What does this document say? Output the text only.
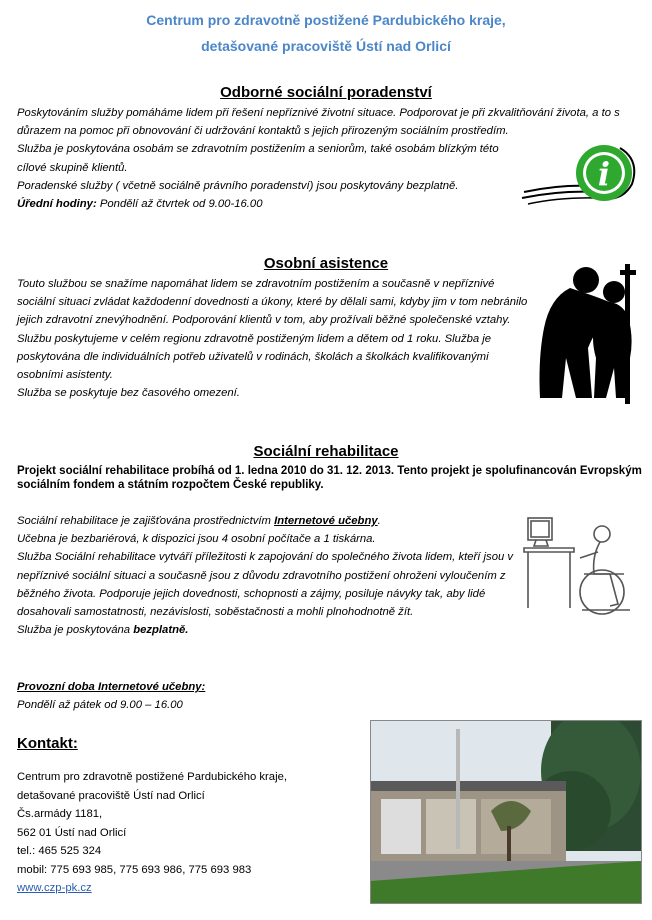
Centrum pro zdravotně postižené Pardubického kraje,
detašované pracoviště Ústí nad Orlicí
Odborné sociální poradenství

Poskytováním služby pomáháme lidem při řešení nepříznivé životní situace. Podporovat je při zkvalitňování života, a to s důrazem na pomoc při obnovování či udržování kontaktů s jejich přirozeným sociálním prostředím.

Služba je poskytována osobám se zdravotním postižením a seniorům, také osobám blízkým této cílové skupině klientů.

Poradenské služby ( včetně sociálně právního poradenství) jsou poskytovány bezplatně.

Úřední hodiny: Pondělí až čtvrtek od 9.00-16.00

i
Osobní asistence

Touto službou se snažíme napomáhat lidem se zdravotním postižením a současně v nepříznivé sociální situaci zvládat každodenní dovednosti a úkony, které by dělali sami, kdyby jim v tom nebránilo jejich zdravotní znevýhodnění. Podporování klientů v tom, aby prožívali běžné společenské vztahy.

Službu poskytujeme v celém regionu zdravotně postiženým lidem a dětem od 1 roku. Služba je poskytována dle individuálních potřeb uživatelů v rodinách, školách a školkách kvalifikovanými osobními asistenty.

Služba se poskytuje bez časového omezení.

Sociální rehabilitace
Projekt sociální rehabilitace probíhá od 1. ledna 2010 do 31. 12. 2013. Tento projekt je spolufinancován Evropským sociálním fondem a státním rozpočtem České republiky.

Sociální rehabilitace je zajišťována prostřednictvím Internetové učebny.

Učebna je bezbariérová, k dispozici jsou 4 osobní počítače a 1 tiskárna.

Služba Sociální rehabilitace vytváří příležitosti k zapojování do společného života lidem, kteří jsou v nepříznivé sociální situaci a současně jsou z důvodu zdravotního postižení ohroženi vyloučením z běžného života. Podporuje jejich dovednosti, schopnosti a zájmy, posiluje návyky tak, aby lidé dosahovali samostatnosti, nezávislosti, soběstačnosti a mohli plnohodnotně žít.

Služba je poskytována bezplatně.

Provozní doba Internetové učebny:

Pondělí až pátek od 9.00 – 16.00

Kontakt:

Centrum pro zdravotně postižené Pardubického kraje,

detašované pracoviště Ústí nad Orlicí

Čs.armády 1181,

562 01 Ústí nad Orlicí

tel.: 465 525 324

mobil: 775 693 985, 775 693 986, 775 693 983

www.czp-pk.cz
